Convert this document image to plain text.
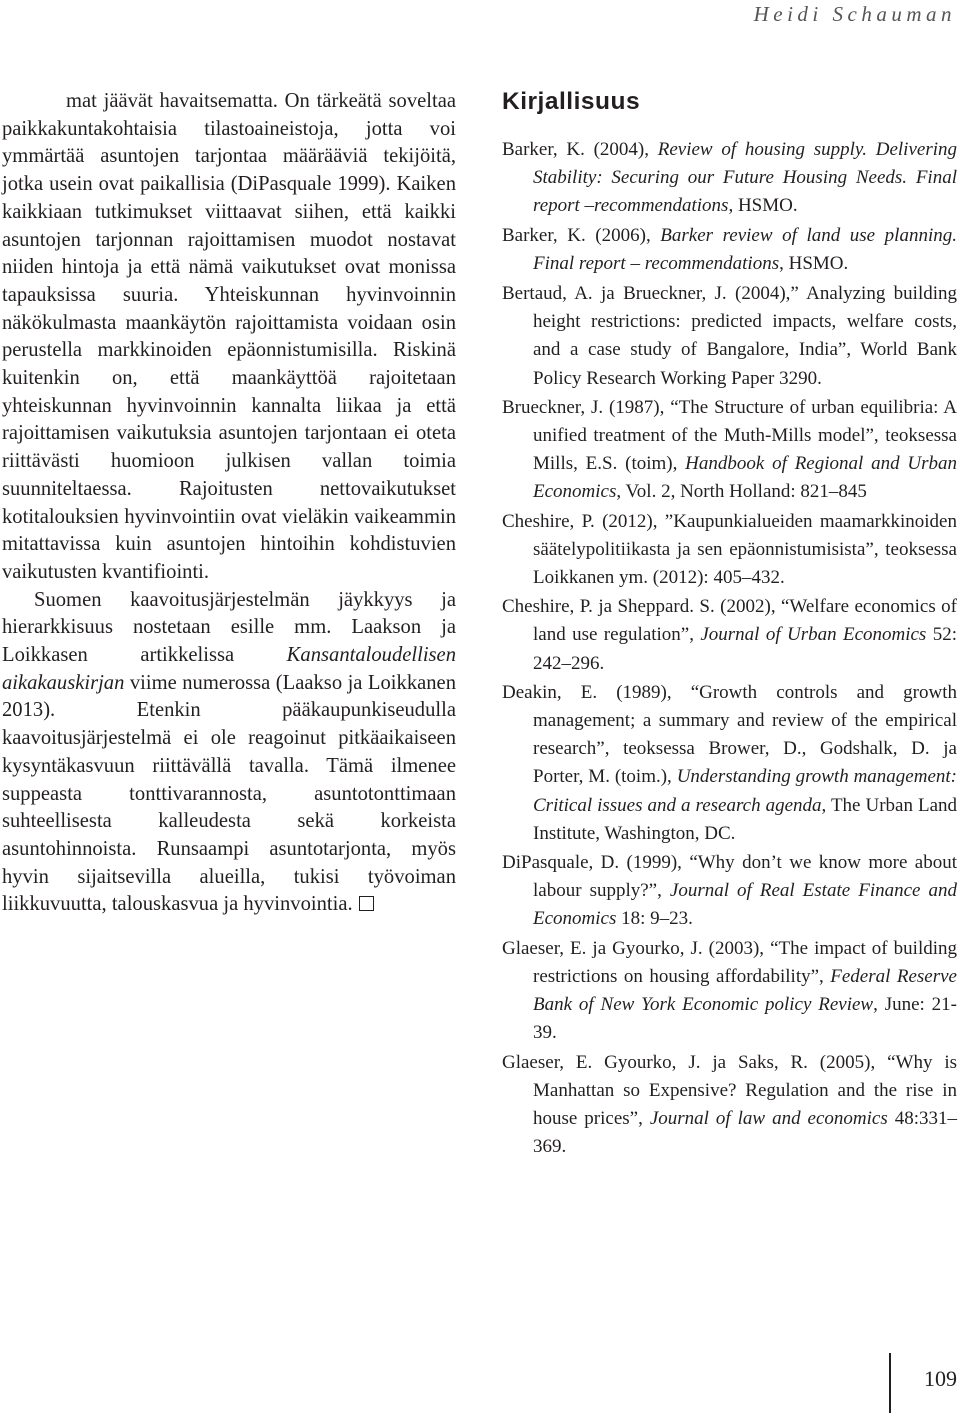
Heidi Schauman

mat jäävät havaitsematta. On tärkeätä soveltaa paikkakuntakohtaisia tilastoaineistoja, jotta voi ymmärtää asuntojen tarjontaa määrääviä tekijöitä, jotka usein ovat paikallisia (DiPasquale 1999). Kaiken kaikkiaan tutkimukset viittaavat siihen, että kaikki asuntojen tarjonnan rajoittamisen muodot nostavat niiden hintoja ja että nämä vaikutukset ovat monissa tapauksissa suuria. Yhteiskunnan hyvinvoinnin näkökulmasta maankäytön rajoittamista voidaan osin perustella markkinoiden epäonnistumisilla. Riskinä kuitenkin on, että maankäyttöä rajoitetaan yhteiskunnan hyvinvoinnin kannalta liikaa ja että rajoittamisen vaikutuksia asuntojen tarjontaan ei oteta riittävästi huomioon julkisen vallan toimia suunniteltaessa. Rajoitusten nettovaikutukset kotitalouksien hyvinvointiin ovat vieläkin vaikeammin mitattavissa kuin asuntojen hintoihin kohdistuvien vaikutusten kvantifiointi.

Suomen kaavoitusjärjestelmän jäykkyys ja hierarkkisuus nostetaan esille mm. Laakson ja Loikkasen artikkelissa Kansantaloudellisen aikakauskirjan viime numerossa (Laakso ja Loikkanen 2013). Etenkin pääkaupunkiseudulla kaavoitusjärjestelmä ei ole reagoinut pitkäaikaiseen kysyntäkasvuun riittävällä tavalla. Tämä ilmenee suppeasta tonttivarannosta, asuntotonttimaan suhteellisesta kalleudesta sekä korkeista asuntohinnoista. Runsaampi asuntotarjonta, myös hyvin sijaitsevilla alueilla, tukisi työvoiman liikkuvuutta, talouskasvua ja hyvinvointia.

Kirjallisuus
Barker, K. (2004), Review of housing supply. Delivering Stability: Securing our Future Housing Needs. Final report –recommendations, HSMO.
Barker, K. (2006), Barker review of land use planning. Final report – recommendations, HSMO.
Bertaud, A. ja Brueckner, J. (2004),” Analyzing building height restrictions: predicted impacts, welfare costs, and a case study of Bangalore, India”, World Bank Policy Research Working Paper 3290.
Brueckner, J. (1987), “The Structure of urban equilibria: A unified treatment of the Muth-Mills model”, teoksessa Mills, E.S. (toim), Handbook of Regional and Urban Economics, Vol. 2, North Holland: 821–845
Cheshire, P. (2012), ”Kaupunkialueiden maamarkkinoiden säätelypolitiikasta ja sen epäonnistumisista”, teoksessa Loikkanen ym. (2012): 405–432.
Cheshire, P. ja Sheppard. S. (2002), “Welfare economics of land use regulation”, Journal of Urban Economics 52: 242–296.
Deakin, E. (1989), “Growth controls and growth management; a summary and review of the empirical research”, teoksessa Brower, D., Godshalk, D. ja Porter, M. (toim.), Understanding growth management: Critical issues and a research agenda, The Urban Land Institute, Washington, DC.
DiPasquale, D. (1999), “Why don’t we know more about labour supply?”, Journal of Real Estate Finance and Economics 18: 9–23.
Glaeser, E. ja Gyourko, J. (2003), “The impact of building restrictions on housing affordability”, Federal Reserve Bank of New York Economic policy Review, June: 21-39.
Glaeser, E. Gyourko, J. ja Saks, R. (2005), “Why is Manhattan so Expensive? Regulation and the rise in house prices”, Journal of law and economics 48:331–369.
109
